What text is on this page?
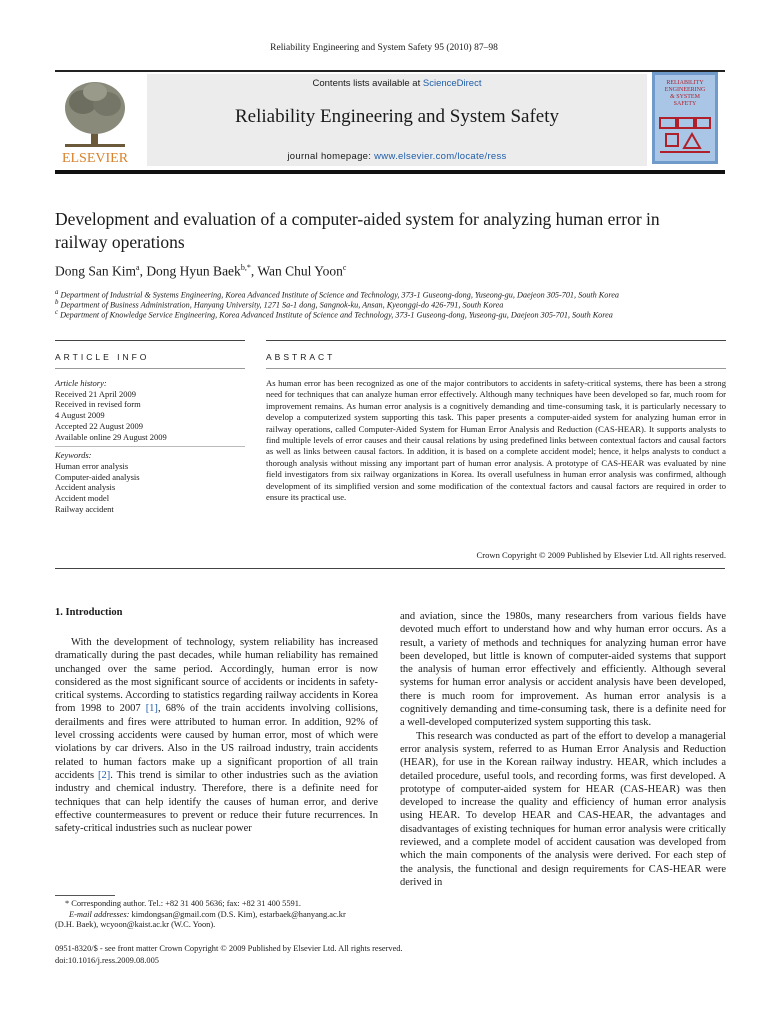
Reliability Engineering and System Safety 95 (2010) 87–98
ELSEVIER
Contents lists available at ScienceDirect
Reliability Engineering and System Safety
journal homepage: www.elsevier.com/locate/ress
RELIABILITY
ENGINEERING
& SYSTEM
SAFETY
Development and evaluation of a computer-aided system for analyzing human error in railway operations
Dong San Kim$^a$, Dong Hyun Baek$^{b,*}$, Wan Chul Yoon$^c$
$^a$ Department of Industrial & Systems Engineering, Korea Advanced Institute of Science and Technology, 373-1 Guseong-dong, Yuseong-gu, Daejeon 305-701, South Korea
$^b$ Department of Business Administration, Hanyang University, 1271 Sa-1 dong, Sangnok-ku, Ansan, Kyeonggi-do 426-791, South Korea
$^c$ Department of Knowledge Service Engineering, Korea Advanced Institute of Science and Technology, 373-1 Guseong-dong, Yuseong-gu, Daejeon 305-701, South Korea
ARTICLE INFO
Article history:
Received 21 April 2009
Received in revised form
4 August 2009
Accepted 22 August 2009
Available online 29 August 2009
Keywords:
Human error analysis
Computer-aided analysis
Accident analysis
Accident model
Railway accident
ABSTRACT
As human error has been recognized as one of the major contributors to accidents in safety-critical systems, there has been a strong need for techniques that can analyze human error effectively. Although many techniques have been developed so far, much room for improvement remains. As human error analysis is a cognitively demanding and time-consuming task, it is particularly necessary to develop a computerized system supporting this task. This paper presents a computer-aided system for analyzing human error in railway operations, called Computer-Aided System for Human Error Analysis and Reduction (CAS-HEAR). It supports analysts to find multiple levels of error causes and their causal relations by using predefined links between contextual factors and causal factors as well as links between causal factors. In addition, it is based on a complete accident model; hence, it helps analysts to conduct a thorough analysis without missing any important part of human error analysis. A prototype of CAS-HEAR was evaluated by nine field investigators from six railway organizations in Korea. Its overall usefulness in human error analysis was confirmed, although development of its simplified version and some modification of the contextual factors and causal factors are required in order to ensure its practical use.
Crown Copyright © 2009 Published by Elsevier Ltd. All rights reserved.
1. Introduction

With the development of technology, system reliability has increased dramatically during the past decades, while human reliability has remained unchanged over the same period. Accordingly, human error is now considered as the most significant source of accidents or incidents in safety-critical systems. According to statistics regarding railway accidents in Korea from 1998 to 2007 [1], 68% of the train accidents involving collisions, derailments and fires were attributed to human error. In addition, 92% of level crossing accidents were caused by human error, most of which were violations by car drivers. Also in the US railroad industry, train accidents related to human factors make up a significant proportion of all train accidents [2]. This trend is similar to other industries such as the aviation industry and chemical industry. Therefore, there is a definite need for techniques that can help identify the causes of human error, and derive effective countermeasures to prevent or reduce their future recurrences. In safety-critical industries such as nuclear power

and aviation, since the 1980s, many researchers from various fields have devoted much effort to understand how and why human error occurs. As a result, a variety of methods and techniques for analyzing human error have been developed, but little is known of computer-aided systems that support the analysis of human error effectively and efficiently. Although several systems for human error analysis or accident analysis have been developed, there is much room for improvement. As human error analysis is a cognitively demanding and time-consuming task, there is a definite need for a well-developed computerized system supporting this task.

This research was conducted as part of the effort to develop a managerial error analysis system, referred to as Human Error Analysis and Reduction (HEAR), for use in the Korean railway industry. HEAR, which includes a detailed procedure, useful tools, and recording forms, was first developed. A prototype of computer-aided system for HEAR (CAS-HEAR) was then developed to increase the quality and efficiency of human error analysis using HEAR. To develop HEAR and CAS-HEAR, the advantages and disadvantages of existing techniques for human error analysis were critically reviewed, and a complete model of accident causation was developed from which the main components of the analysis were derived. For each step of the analysis, the functional and design requirements for CAS-HEAR were derived in

* Corresponding author. Tel.: +82 31 400 5636; fax: +82 31 400 5591.
E-mail addresses: kimdongsan@gmail.com (D.S. Kim), estarbaek@hanyang.ac.kr
(D.H. Baek), wcyoon@kaist.ac.kr (W.C. Yoon).
0951-8320/$ - see front matter Crown Copyright © 2009 Published by Elsevier Ltd. All rights reserved.
doi:10.1016/j.ress.2009.08.005
